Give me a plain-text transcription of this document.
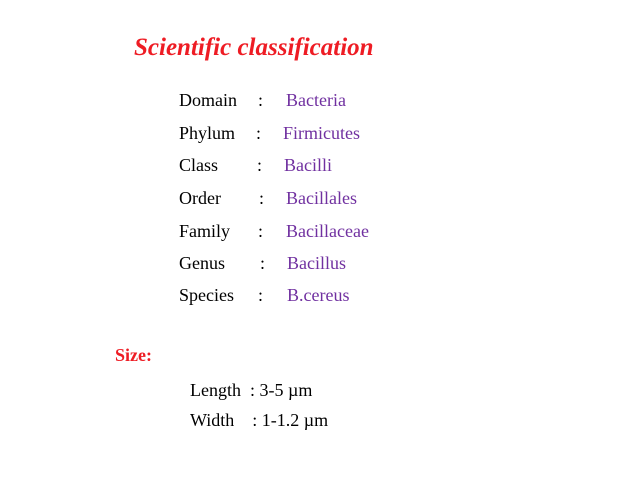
Scientific classification
Domain : Bacteria
Phylum : Firmicutes
Class : Bacilli
Order : Bacillales
Family : Bacillaceae
Genus : Bacillus
Species : B.cereus
Size:
Length  : 3-5 µm
Width    : 1-1.2 µm
